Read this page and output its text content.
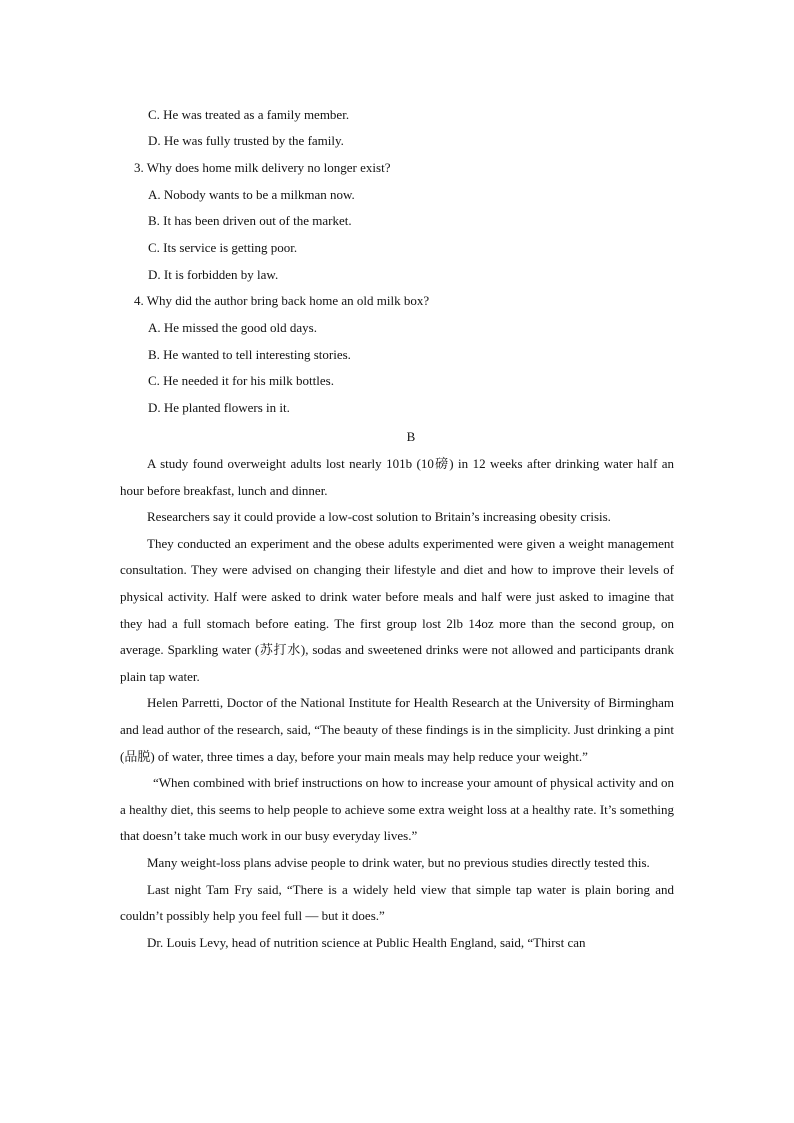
C. He was treated as a family member.
D. He was fully trusted by the family.
3. Why does home milk delivery no longer exist?
A. Nobody wants to be a milkman now.
B. It has been driven out of the market.
C. Its service is getting poor.
D. It is forbidden by law.
4. Why did the author bring back home an old milk box?
A. He missed the good old days.
B. He wanted to tell interesting stories.
C. He needed it for his milk bottles.
D. He planted flowers in it.
B

A study found overweight adults lost nearly 101b (10磅) in 12 weeks after drinking water half an hour before breakfast, lunch and dinner.

Researchers say it could provide a low-cost solution to Britain’s increasing obesity crisis.

They conducted an experiment and the obese adults experimented were given a weight management consultation. They were advised on changing their lifestyle and diet and how to improve their levels of physical activity. Half were asked to drink water before meals and half were just asked to imagine that they had a full stomach before eating. The first group lost 2lb 14oz more than the second group, on average. Sparkling water (苏打水), sodas and sweetened drinks were not allowed and participants drank plain tap water.

Helen Parretti, Doctor of the National Institute for Health Research at the University of Birmingham and lead author of the research, said, “The beauty of these findings is in the simplicity. Just drinking a pint (品脱) of water, three times a day, before your main meals may help reduce your weight.”

“When combined with brief instructions on how to increase your amount of physical activity and on a healthy diet, this seems to help people to achieve some extra weight loss at a healthy rate. It’s something that doesn’t take much work in our busy everyday lives.”

Many weight-loss plans advise people to drink water, but no previous studies directly tested this.

Last night Tam Fry said, “There is a widely held view that simple tap water is plain boring and couldn’t possibly help you feel full — but it does.”

Dr. Louis Levy, head of nutrition science at Public Health England, said, “Thirst can
